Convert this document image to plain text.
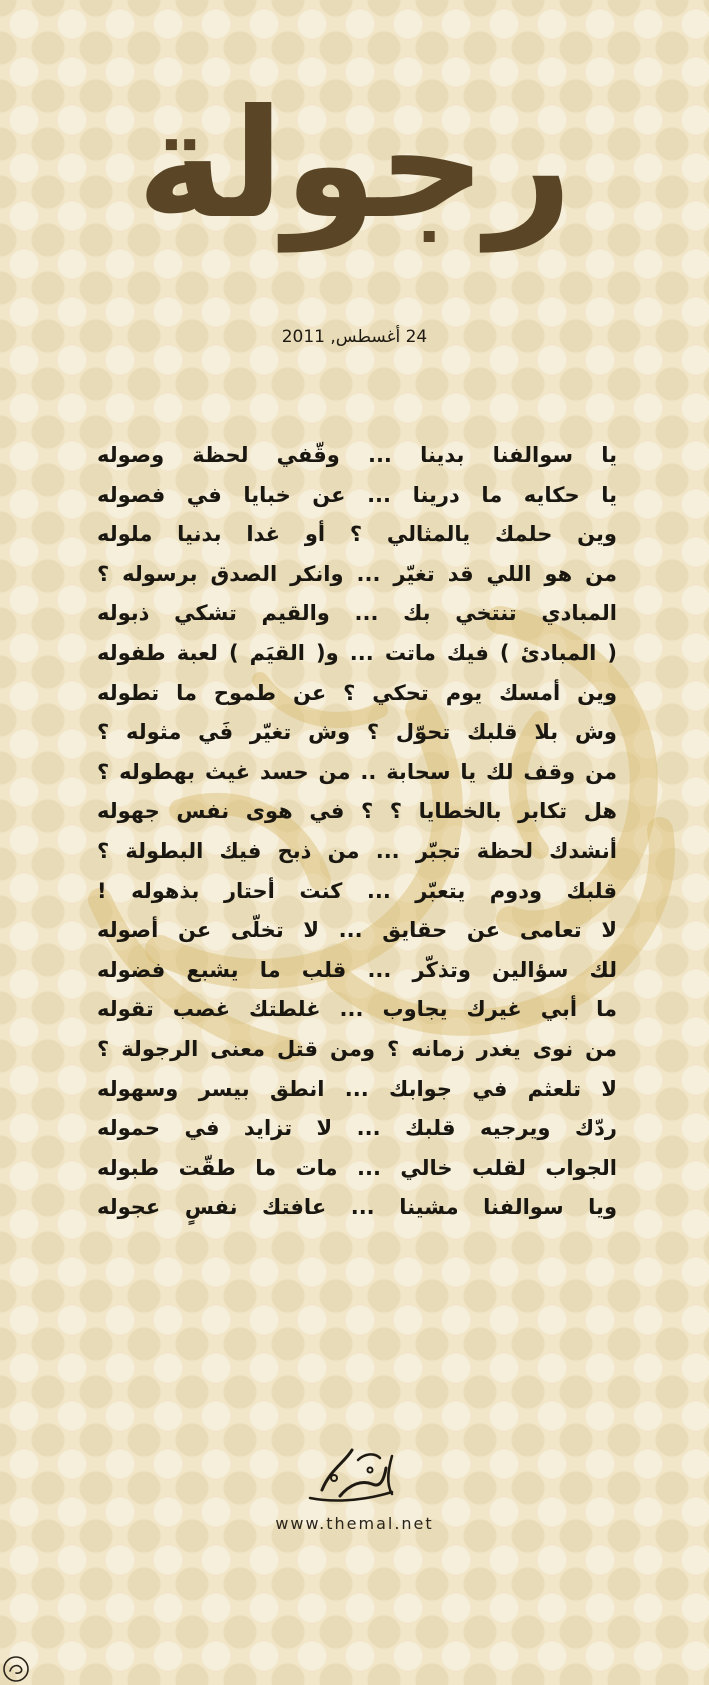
رجولة
24 أغسطس, 2011
يا سوالفنا بدينا ... وقّفي لحظة وصوله
يا حكايه ما درينا ... عن خبايا في فصوله
وين حلمك يالمثالي ؟ أو غدا بدنيا ملوله
من هو اللي قد تغيّر ... وانكر الصدق برسوله ؟
المبادي تنتخي بك ... والقيم تشكي ذبوله
( المبادئ ) فيك ماتت ... و( القيَم ) لعبة طفوله
وين أمسك يوم تحكي ؟ عن طموح ما تطوله
وش بلا قلبك تحوّل ؟ وش تغيّر فَي مثوله ؟
من وقف لك يا سحابة .. من حسد غيث بهطوله ؟
هل تكابر بالخطايا ؟ ؟ في هوى نفس جهوله
أنشدك لحظة تجبّر ... من ذبح فيك البطولة ؟
قلبك ودوم يتعبّر ... كنت أحتار بذهوله !
لا تعامى عن حقايق ... لا تخلّى عن أصوله
لك سؤالين وتذكّر ... قلب ما يشبع فضوله
ما أبي غيرك يجاوب ... غلطتك غصب تقوله
من نوى يغدر زمانه ؟ ومن قتل معنى الرجولة ؟
لا تلعثم في جوابك ... انطق بيسر وسهوله
ردّك ويرجيه قلبك ... لا تزايد في حموله
الجواب لقلب خالي ... مات ما طقّت طبوله
ويا سوالفنا مشينا ... عافتك نفسٍ عجوله
www.themal.net
